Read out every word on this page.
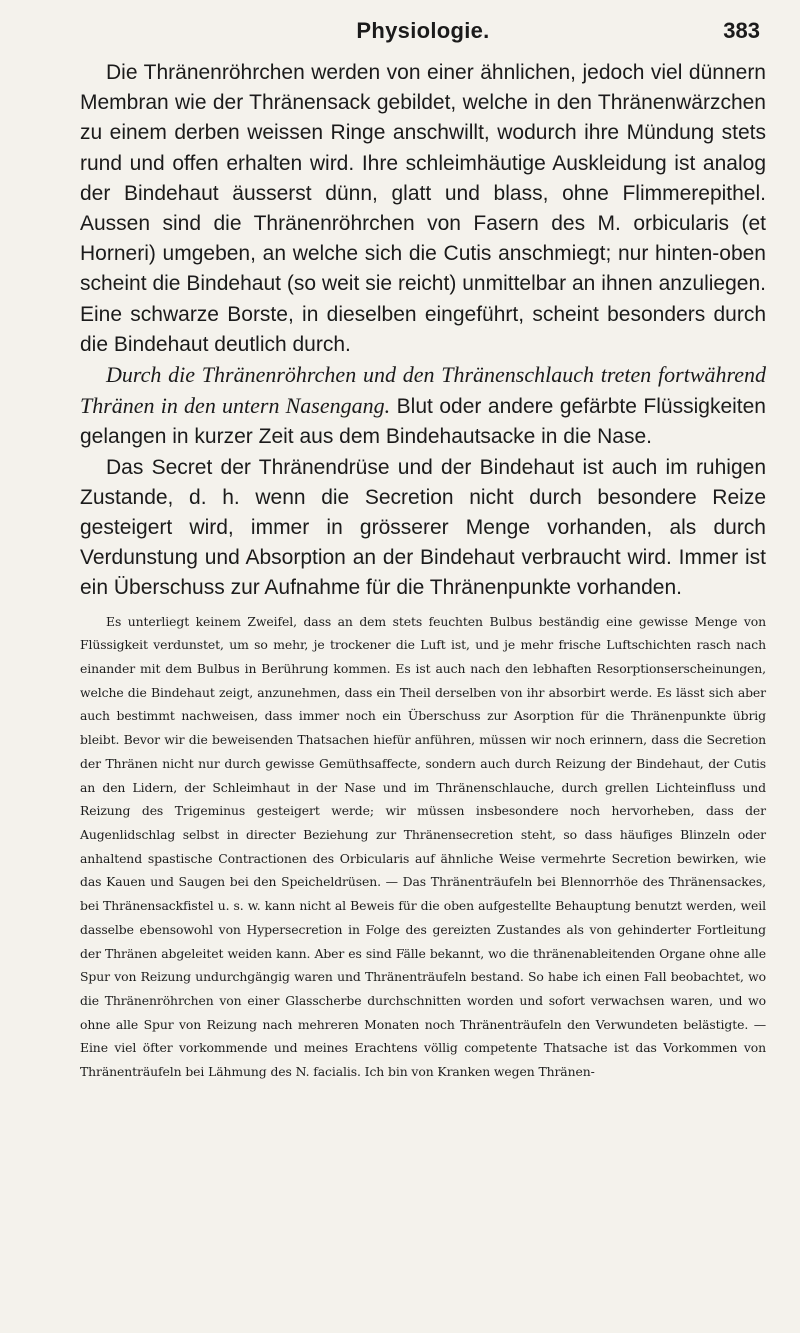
Physiologie.	383

Die Thränenröhrchen werden von einer ähnlichen, jedoch viel dünnern Membran wie der Thränensack gebildet, welche in den Thränenwärzchen zu einem derben weissen Ringe anschwillt, wodurch ihre Mündung stets rund und offen erhalten wird. Ihre schleimhäutige Auskleidung ist analog der Bindehaut äusserst dünn, glatt und blass, ohne Flimmerepithel. Aussen sind die Thränenröhrchen von Fasern des M. orbicularis (et Horneri) umgeben, an welche sich die Cutis anschmiegt; nur hinten-oben scheint die Bindehaut (so weit sie reicht) unmittelbar an ihnen anzuliegen. Eine schwarze Borste, in dieselben eingeführt, scheint besonders durch die Bindehaut deutlich durch.

Durch die Thränenröhrchen und den Thränenschlauch treten fortwährend Thränen in den untern Nasengang. Blut oder andere gefärbte Flüssigkeiten gelangen in kurzer Zeit aus dem Bindehautsacke in die Nase.

Das Secret der Thränendrüse und der Bindehaut ist auch im ruhigen Zustande, d. h. wenn die Secretion nicht durch besondere Reize gesteigert wird, immer in grösserer Menge vorhanden, als durch Verdunstung und Absorption an der Bindehaut verbraucht wird. Immer ist ein Überschuss zur Aufnahme für die Thränenpunkte vorhanden.

Es unterliegt keinem Zweifel, dass an dem stets feuchten Bulbus beständig eine gewisse Menge von Flüssigkeit verdunstet, um so mehr, je trockener die Luft ist, und je mehr frische Luftschichten rasch nach einander mit dem Bulbus in Berührung kommen. Es ist auch nach den lebhaften Resorptionserscheinungen, welche die Bindehaut zeigt, anzunehmen, dass ein Theil derselben von ihr absorbirt werde. Es lässt sich aber auch bestimmt nachweisen, dass immer noch ein Überschuss zur Asorption für die Thränenpunkte übrig bleibt. Bevor wir die beweisenden Thatsachen hiefür anführen, müssen wir noch erinnern, dass die Secretion der Thränen nicht nur durch gewisse Gemüthsaffecte, sondern auch durch Reizung der Bindehaut, der Cutis an den Lidern, der Schleimhaut in der Nase und im Thränenschlauche, durch grellen Lichteinfluss und Reizung des Trigeminus gesteigert werde; wir müssen insbesondere noch hervorheben, dass der Augenlidschlag selbst in directer Beziehung zur Thränensecretion steht, so dass häufiges Blinzeln oder anhaltend spastische Contractionen des Orbicularis auf ähnliche Weise vermehrte Secretion bewirken, wie das Kauen und Saugen bei den Speicheldrüsen. — Das Thränenträufeln bei Blennorrhöe des Thränensackes, bei Thränensackfistel u. s. w. kann nicht al Beweis für die oben aufgestellte Behauptung benutzt werden, weil dasselbe ebensowohl von Hypersecretion in Folge des gereizten Zustandes als von gehinderter Fortleitung der Thränen abgeleitet weiden kann. Aber es sind Fälle bekannt, wo die thränenableitenden Organe ohne alle Spur von Reizung undurchgängig waren und Thränenträufeln bestand. So habe ich einen Fall beobachtet, wo die Thränenröhrchen von einer Glasscherbe durchschnitten worden und sofort verwachsen waren, und wo ohne alle Spur von Reizung nach mehreren Monaten noch Thränenträufeln den Verwundeten belästigte. — Eine viel öfter vorkommende und meines Erachtens völlig competente Thatsache ist das Vorkommen von Thränenträufeln bei Lähmung des N. facialis. Ich bin von Kranken wegen Thränen-
